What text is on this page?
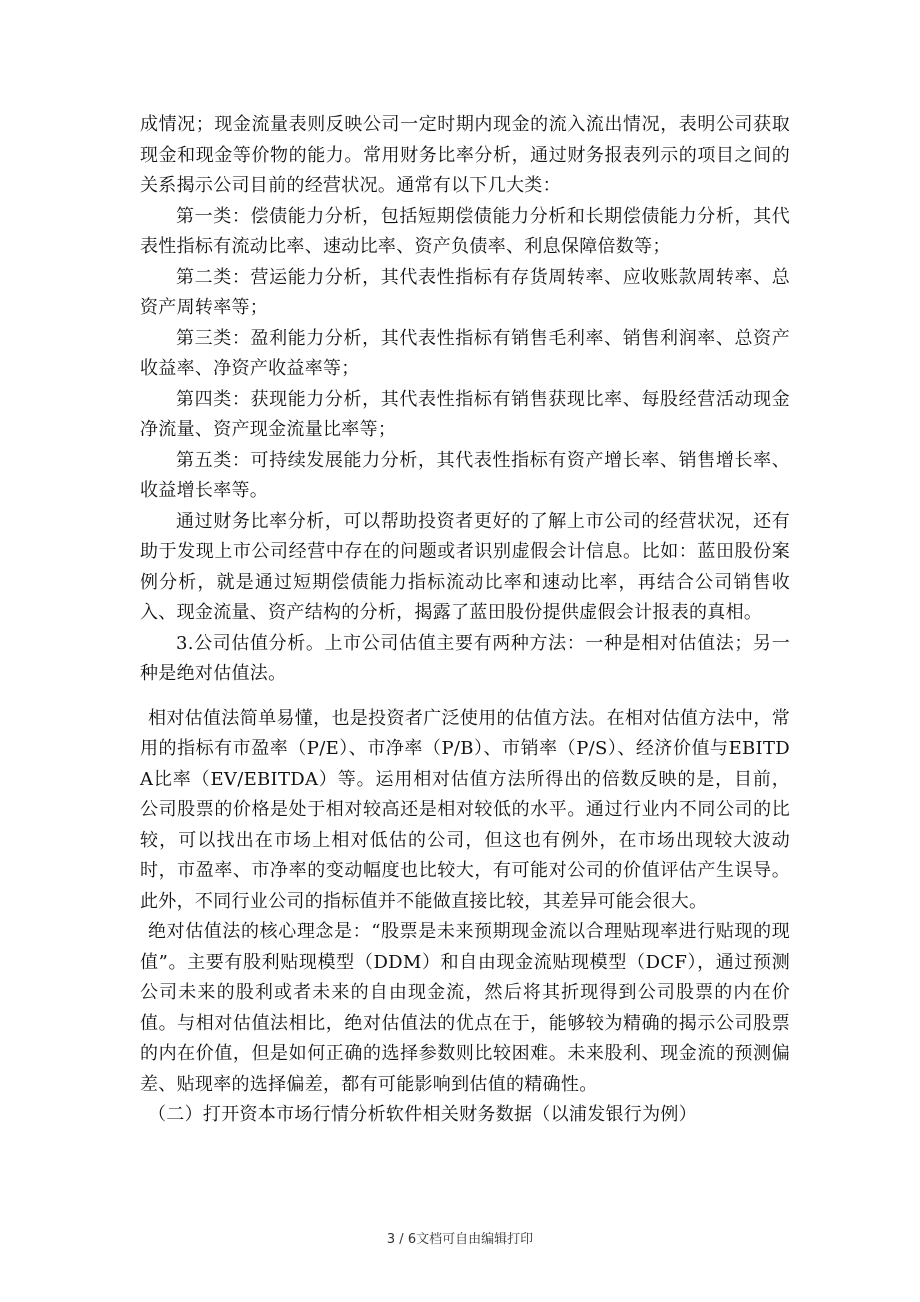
成情况；现金流量表则反映公司一定时期内现金的流入流出情况，表明公司获取现金和现金等价物的能力。常用财务比率分析，通过财务报表列示的项目之间的关系揭示公司目前的经营状况。通常有以下几大类：

第一类：偿债能力分析，包括短期偿债能力分析和长期偿债能力分析，其代表性指标有流动比率、速动比率、资产负债率、利息保障倍数等；

第二类：营运能力分析，其代表性指标有存货周转率、应收账款周转率、总资产周转率等；

第三类：盈利能力分析，其代表性指标有销售毛利率、销售利润率、总资产收益率、净资产收益率等；

第四类：获现能力分析，其代表性指标有销售获现比率、每股经营活动现金净流量、资产现金流量比率等；

第五类：可持续发展能力分析，其代表性指标有资产增长率、销售增长率、收益增长率等。

通过财务比率分析，可以帮助投资者更好的了解上市公司的经营状况，还有助于发现上市公司经营中存在的问题或者识别虚假会计信息。比如：蓝田股份案例分析，就是通过短期偿债能力指标流动比率和速动比率，再结合公司销售收入、现金流量、资产结构的分析，揭露了蓝田股份提供虚假会计报表的真相。

3.公司估值分析。上市公司估值主要有两种方法：一种是相对估值法；另一种是绝对估值法。

相对估值法简单易懂，也是投资者广泛使用的估值方法。在相对估值方法中，常用的指标有市盈率（P/E）、市净率（P/B）、市销率（P/S）、经济价值与EBITDA比率（EV/EBITDA）等。运用相对估值方法所得出的倍数反映的是，目前，公司股票的价格是处于相对较高还是相对较低的水平。通过行业内不同公司的比较，可以找出在市场上相对低估的公司，但这也有例外，在市场出现较大波动时，市盈率、市净率的变动幅度也比较大，有可能对公司的价值评估产生误导。此外，不同行业公司的指标值并不能做直接比较，其差异可能会很大。

绝对估值法的核心理念是：“股票是未来预期现金流以合理贴现率进行贴现的现值”。主要有股利贴现模型（DDM）和自由现金流贴现模型（DCF），通过预测公司未来的股利或者未来的自由现金流，然后将其折现得到公司股票的内在价值。与相对估值法相比，绝对估值法的优点在于，能够较为精确的揭示公司股票的内在价值，但是如何正确的选择参数则比较困难。未来股利、现金流的预测偏差、贴现率的选择偏差，都有可能影响到估值的精确性。

（二）打开资本市场行情分析软件相关财务数据（以浦发银行为例）

3 / 6文档可自由编辑打印
